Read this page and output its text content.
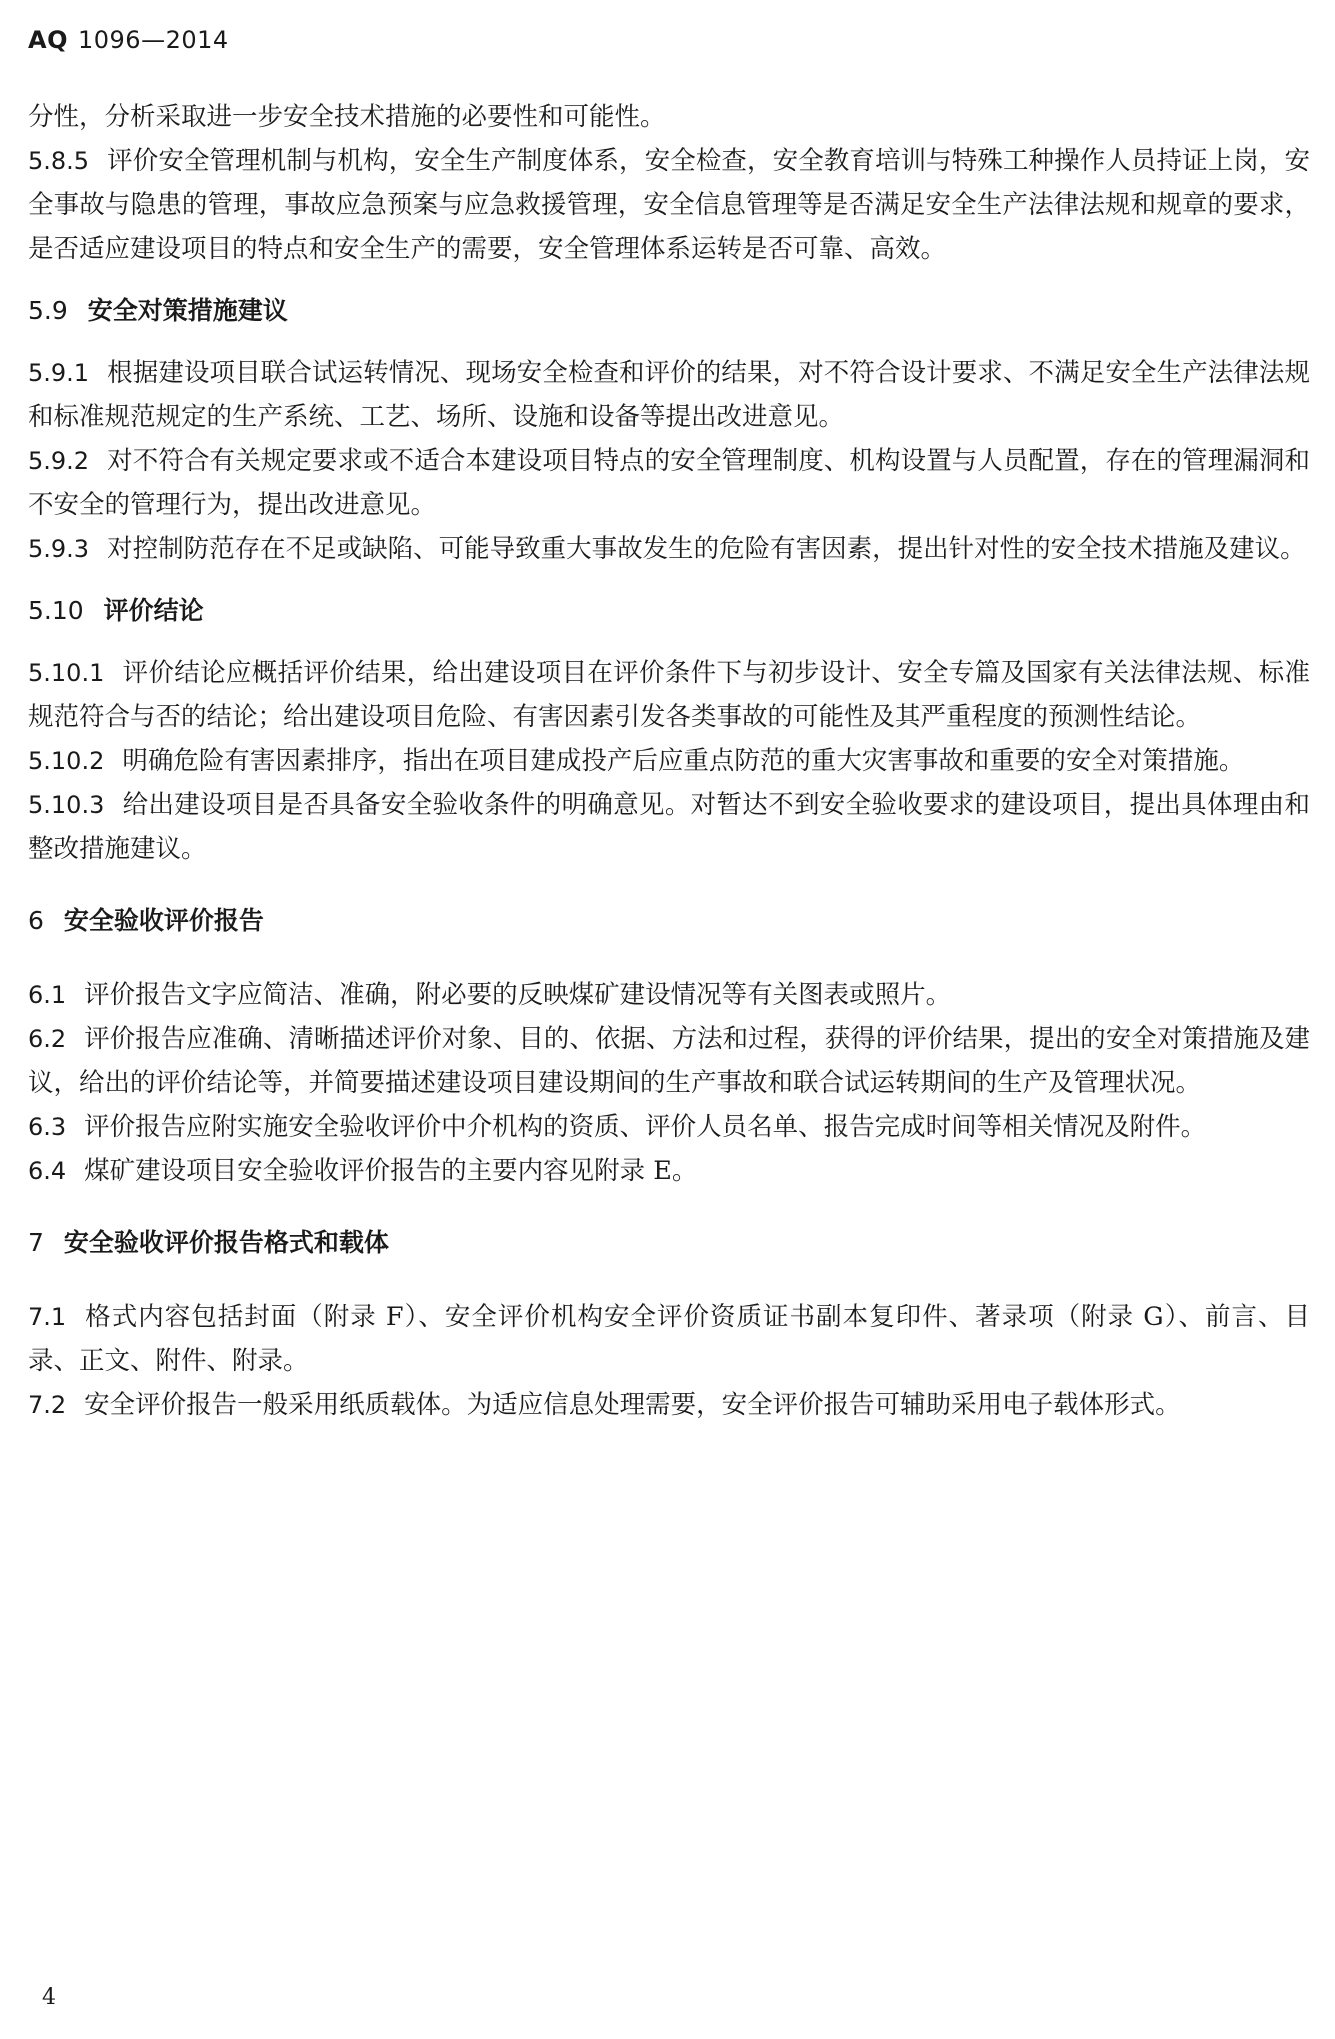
AQ 1096—2014

分性，分析采取进一步安全技术措施的必要性和可能性。

5.8.5 评价安全管理机制与机构，安全生产制度体系，安全检查，安全教育培训与特殊工种操作人员持证上岗，安全事故与隐患的管理，事故应急预案与应急救援管理，安全信息管理等是否满足安全生产法律法规和规章的要求，是否适应建设项目的特点和安全生产的需要，安全管理体系运转是否可靠、高效。

5.9 安全对策措施建议

5.9.1 根据建设项目联合试运转情况、现场安全检查和评价的结果，对不符合设计要求、不满足安全生产法律法规和标准规范规定的生产系统、工艺、场所、设施和设备等提出改进意见。

5.9.2 对不符合有关规定要求或不适合本建设项目特点的安全管理制度、机构设置与人员配置，存在的管理漏洞和不安全的管理行为，提出改进意见。

5.9.3 对控制防范存在不足或缺陷、可能导致重大事故发生的危险有害因素，提出针对性的安全技术措施及建议。

5.10 评价结论

5.10.1 评价结论应概括评价结果，给出建设项目在评价条件下与初步设计、安全专篇及国家有关法律法规、标准规范符合与否的结论；给出建设项目危险、有害因素引发各类事故的可能性及其严重程度的预测性结论。

5.10.2 明确危险有害因素排序，指出在项目建成投产后应重点防范的重大灾害事故和重要的安全对策措施。

5.10.3 给出建设项目是否具备安全验收条件的明确意见。对暂达不到安全验收要求的建设项目，提出具体理由和整改措施建议。

6 安全验收评价报告

6.1 评价报告文字应简洁、准确，附必要的反映煤矿建设情况等有关图表或照片。

6.2 评价报告应准确、清晰描述评价对象、目的、依据、方法和过程，获得的评价结果，提出的安全对策措施及建议，给出的评价结论等，并简要描述建设项目建设期间的生产事故和联合试运转期间的生产及管理状况。

6.3 评价报告应附实施安全验收评价中介机构的资质、评价人员名单、报告完成时间等相关情况及附件。

6.4 煤矿建设项目安全验收评价报告的主要内容见附录 E。

7 安全验收评价报告格式和载体

7.1 格式内容包括封面（附录 F）、安全评价机构安全评价资质证书副本复印件、著录项（附录 G）、前言、目录、正文、附件、附录。

7.2 安全评价报告一般采用纸质载体。为适应信息处理需要，安全评价报告可辅助采用电子载体形式。

4
